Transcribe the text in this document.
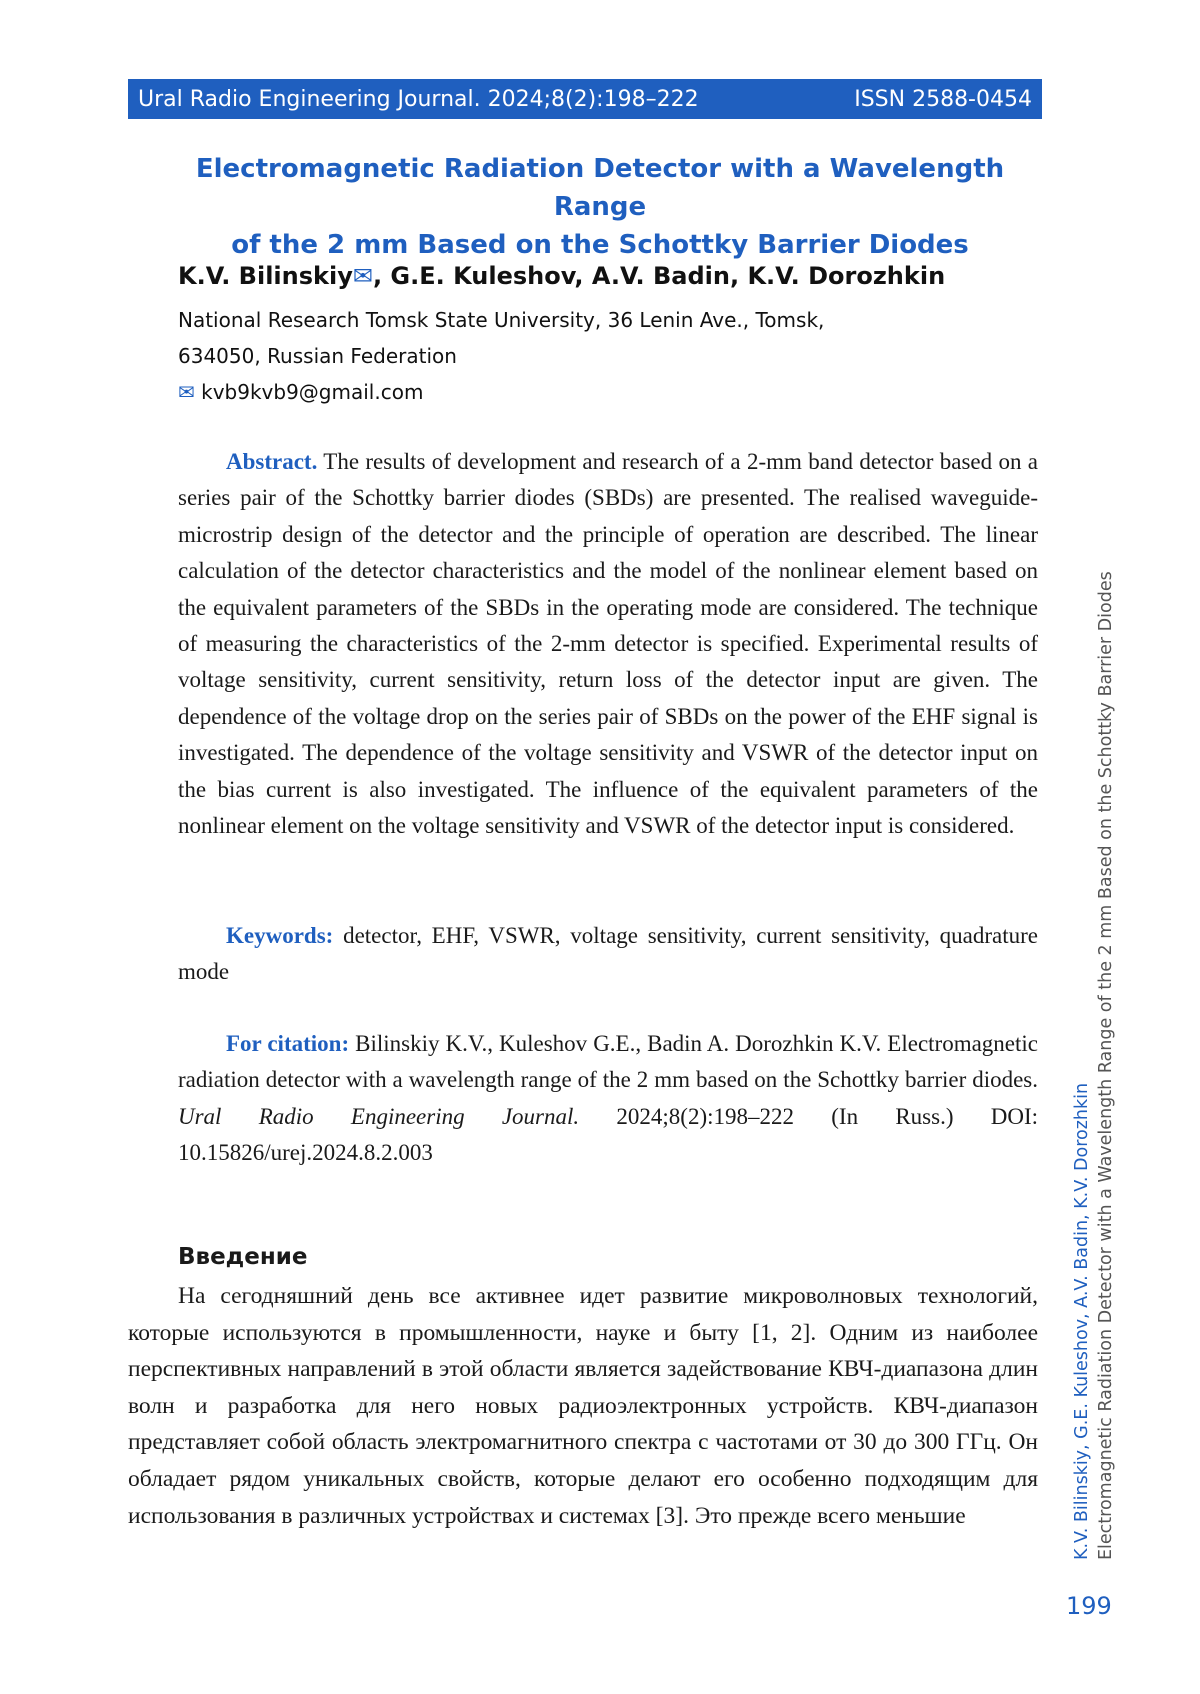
Ural Radio Engineering Journal. 2024;8(2):198–222	ISSN 2588-0454
Electromagnetic Radiation Detector with a Wavelength Range
of the 2 mm Based on the Schottky Barrier Diodes
K.V. Bilinskiy✉, G.E. Kuleshov, A.V. Badin, K.V. Dorozhkin
National Research Tomsk State University, 36 Lenin Ave., Tomsk,
634050, Russian Federation
✉ kvb9kvb9@gmail.com

Abstract. The results of development and research of a 2-mm band detector based on a series pair of the Schottky barrier diodes (SBDs) are presented. The realised waveguide-microstrip design of the detector and the principle of operation are described. The linear calculation of the detector characteristics and the model of the nonlinear element based on the equivalent parameters of the SBDs in the operating mode are considered. The technique of measuring the characteristics of the 2-mm detector is specified. Experimental results of voltage sensitivity, current sensitivity, return loss of the detector input are given. The dependence of the voltage drop on the series pair of SBDs on the power of the EHF signal is investigated. The dependence of the voltage sensitivity and VSWR of the detector input on the bias current is also investigated. The influence of the equivalent parameters of the nonlinear element on the voltage sensitivity and VSWR of the detector input is considered.

Keywords: detector, EHF, VSWR, voltage sensitivity, current sensitivity, quadrature mode

For citation: Bilinskiy K.V., Kuleshov G.E., Badin A. Dorozhkin K.V. Electromagnetic radiation detector with a wavelength range of the 2 mm based on the Schottky barrier diodes. Ural Radio Engineering Journal. 2024;8(2):198–222 (In Russ.) DOI: 10.15826/urej.2024.8.2.003

Введение

На сегодняшний день все активнее идет развитие микроволновых технологий, которые используются в промышленности, науке и быту [1, 2]. Одним из наиболее перспективных направлений в этой области является задействование КВЧ-диапазона длин волн и разработка для него новых радиоэлектронных устройств. КВЧ-диапазон представляет собой область электромагнитного спектра с частотами от 30 до 300 ГГц. Он обладает рядом уникальных свойств, которые делают его особенно подходящим для использования в различных устройствах и системах [3]. Это прежде всего меньшие	K.V. Bilinskiy, G.E. Kuleshov, A.V. Badin, K.V. Dorozhkin Electromagnetic Radiation Detector with a Wavelength Range of the 2 mm Based on the Schottky Barrier Diodes
199
